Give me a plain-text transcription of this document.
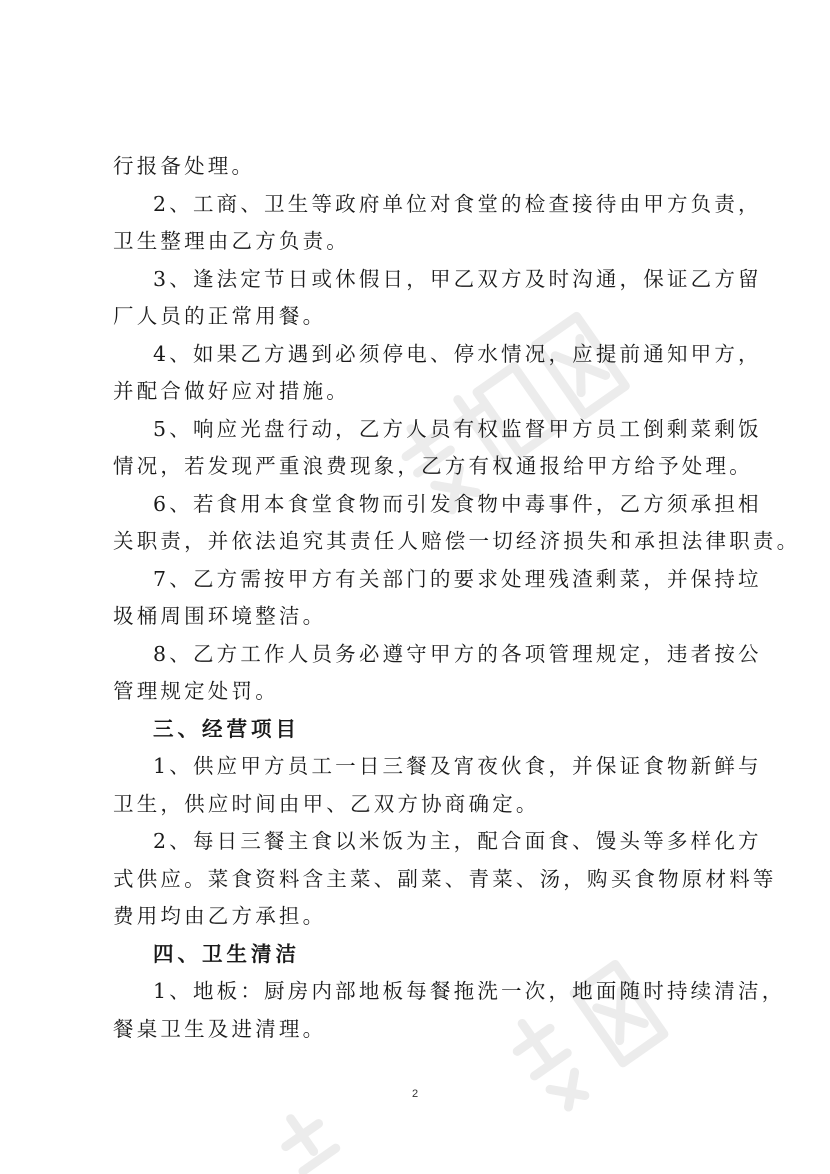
行报备处理。
2、工商、卫生等政府单位对食堂的检查接待由甲方负责，
卫生整理由乙方负责。
3、逢法定节日或休假日，甲乙双方及时沟通，保证乙方留
厂人员的正常用餐。
4、如果乙方遇到必须停电、停水情况，应提前通知甲方，
并配合做好应对措施。
5、响应光盘行动，乙方人员有权监督甲方员工倒剩菜剩饭
情况，若发现严重浪费现象，乙方有权通报给甲方给予处理。
6、若食用本食堂食物而引发食物中毒事件，乙方须承担相
关职责，并依法追究其责任人赔偿一切经济损失和承担法律职责。
7、乙方需按甲方有关部门的要求处理残渣剩菜，并保持垃
圾桶周围环境整洁。
8、乙方工作人员务必遵守甲方的各项管理规定，违者按公
管理规定处罚。
三、经营项目
1、供应甲方员工一日三餐及宵夜伙食，并保证食物新鲜与
卫生，供应时间由甲、乙双方协商确定。
2、每日三餐主食以米饭为主，配合面食、馒头等多样化方
式供应。菜食资料含主菜、副菜、青菜、汤，购买食物原材料等
费用均由乙方承担。
四、卫生清洁
1、地板：厨房内部地板每餐拖洗一次，地面随时持续清洁，
餐桌卫生及进清理。
2
